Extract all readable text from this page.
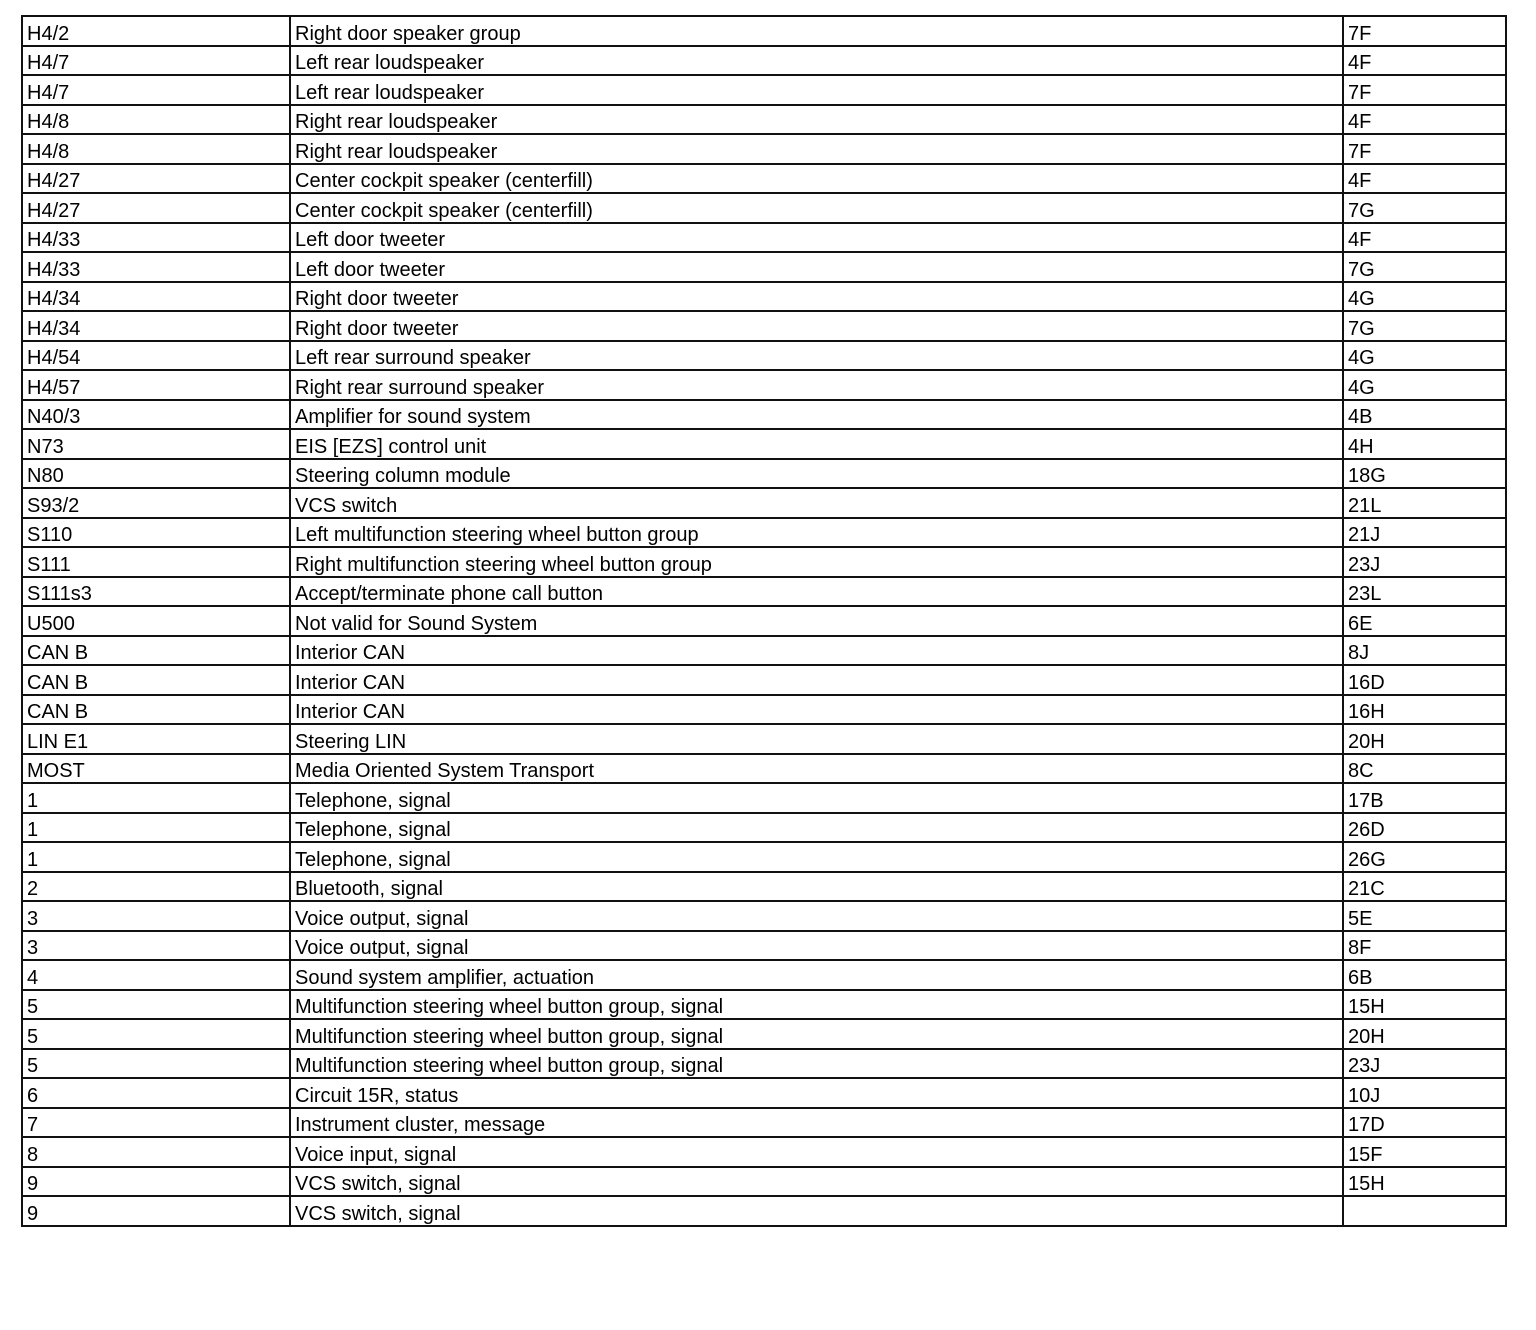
H4/2	Right door speaker group	7F
H4/7	Left rear loudspeaker	4F
H4/7	Left rear loudspeaker	7F
H4/8	Right rear loudspeaker	4F
H4/8	Right rear loudspeaker	7F
H4/27	Center cockpit speaker (centerfill)	4F
H4/27	Center cockpit speaker (centerfill)	7G
H4/33	Left door tweeter	4F
H4/33	Left door tweeter	7G
H4/34	Right door tweeter	4G
H4/34	Right door tweeter	7G
H4/54	Left rear surround speaker	4G
H4/57	Right rear surround speaker	4G
N40/3	Amplifier for sound system	4B
N73	EIS [EZS] control unit	4H
N80	Steering column module	18G
S93/2	VCS switch	21L
S110	Left multifunction steering wheel button group	21J
S111	Right multifunction steering wheel button group	23J
S111s3	Accept/terminate phone call button	23L
U500	Not valid for Sound System	6E
CAN B	Interior CAN	8J
CAN B	Interior CAN	16D
CAN B	Interior CAN	16H
LIN E1	Steering LIN	20H
MOST	Media Oriented System Transport	8C
1	Telephone, signal	17B
1	Telephone, signal	26D
1	Telephone, signal	26G
2	Bluetooth, signal	21C
3	Voice output, signal	5E
3	Voice output, signal	8F
4	Sound system amplifier, actuation	6B
5	Multifunction steering wheel button group, signal	15H
5	Multifunction steering wheel button group, signal	20H
5	Multifunction steering wheel button group, signal	23J
6	Circuit 15R, status	10J
7	Instrument cluster, message	17D
8	Voice input, signal	15F
9	VCS switch, signal	15H
9	VCS switch, signal	
